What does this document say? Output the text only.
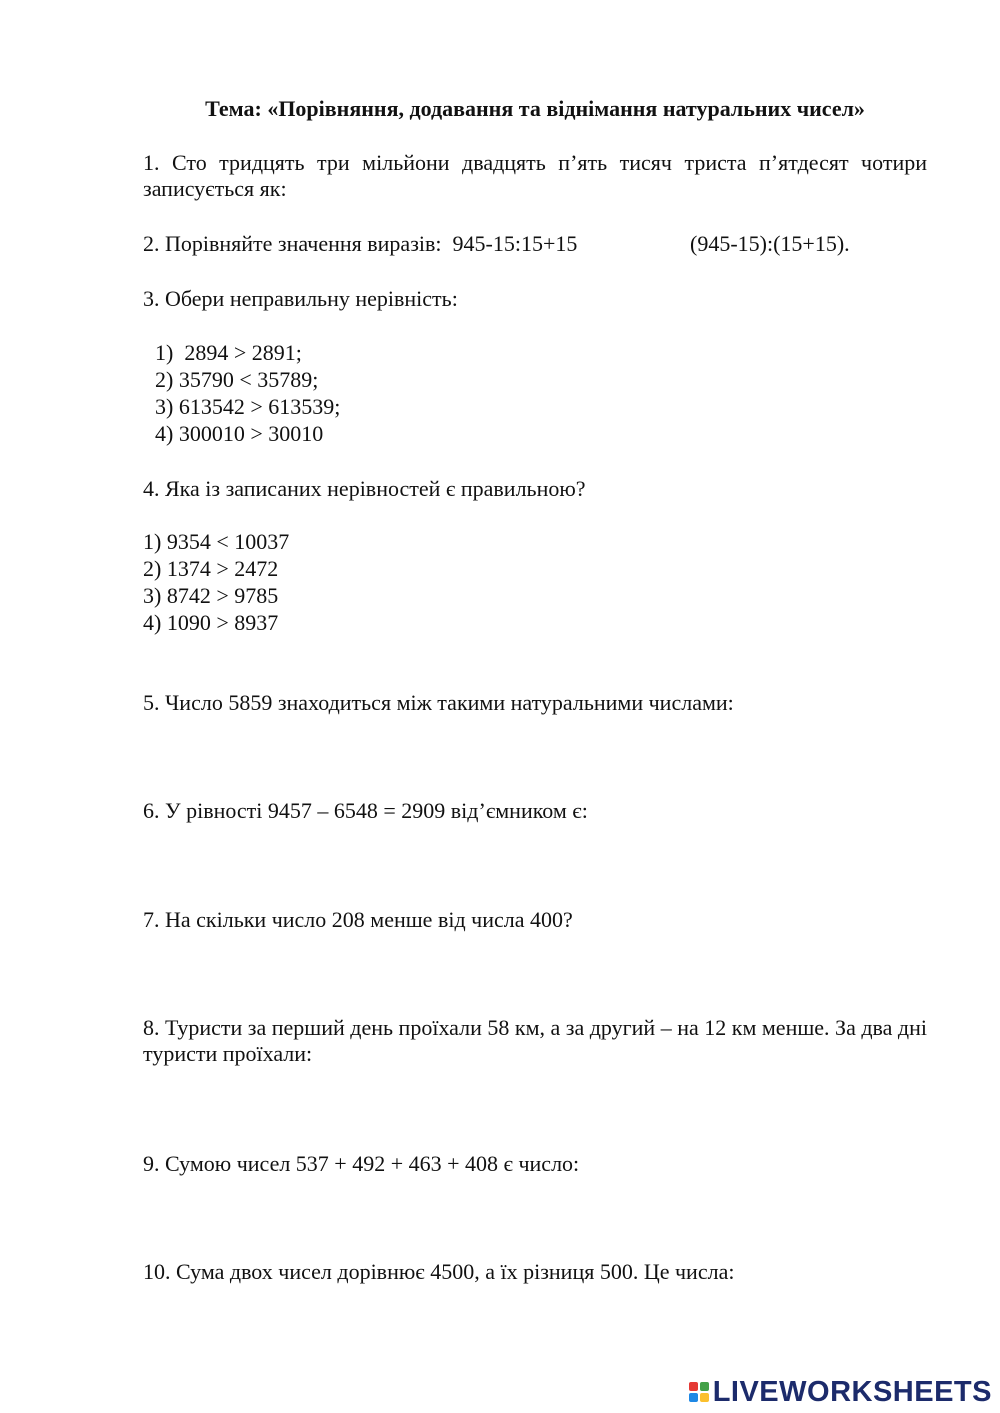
Тема: «Порівняння, додавання та віднімання натуральних чисел»
1. Сто тридцять три мільйони двадцять п’ять тисяч триста п’ятдесят чотири записується як:
2. Порівняйте значення виразів:  945-15:15+15	(945-15):(15+15).
3. Обери неправильну нерівність:
1)  2894 > 2891;
2) 35790 < 35789;
3) 613542 > 613539;
4) 300010 > 30010
4. Яка із записаних нерівностей є правильною?
1) 9354 < 10037
2) 1374 > 2472
3) 8742 > 9785
4) 1090 > 8937
5. Число 5859 знаходиться між такими натуральними числами:
6. У рівності 9457 – 6548 = 2909 від’ємником є:
7. На скільки число 208 менше від числа 400?
8. Туристи за перший день проїхали 58 км, а за другий – на 12 км менше. За два дні туристи проїхали:
9. Сумою чисел 537 + 492 + 463 + 408 є число:
10. Сума двох чисел дорівнює 4500, а їх різниця 500. Це числа:
LIVEWORKSHEETS
